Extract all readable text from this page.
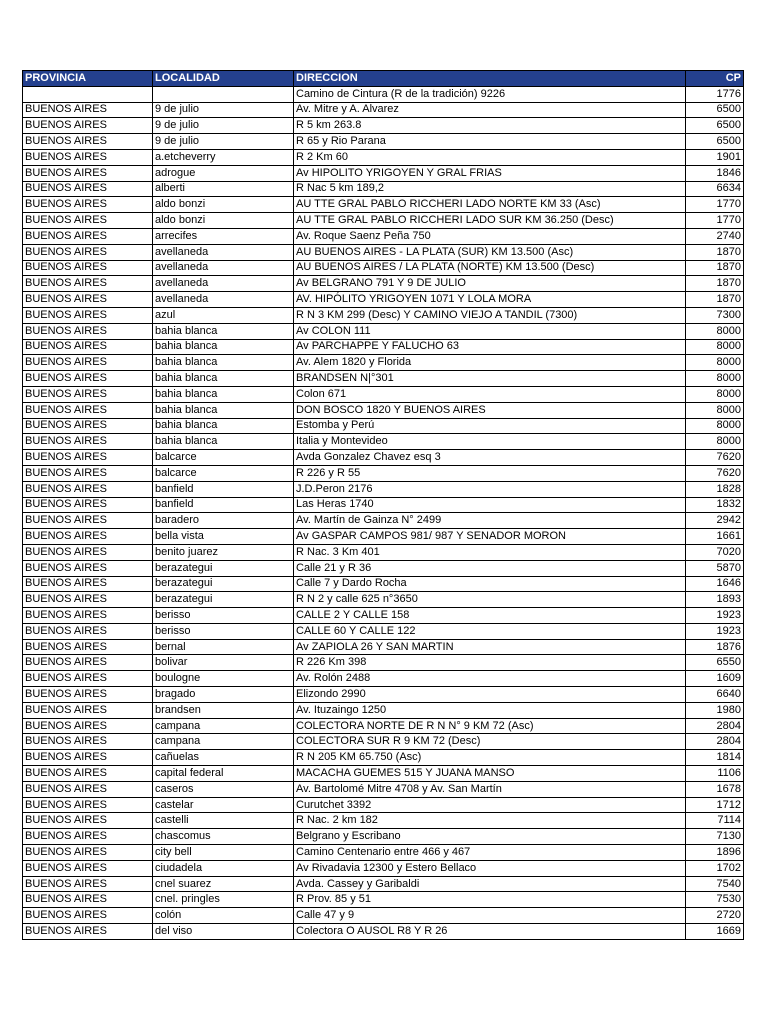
PROVINCIA	LOCALIDAD	DIRECCION	CP
		Camino de Cintura (R de la tradición) 9226	1776
BUENOS AIRES	9 de julio	Av. Mitre y A. Alvarez	6500
BUENOS AIRES	9 de julio	R 5 km 263.8	6500
BUENOS AIRES	9 de julio	R 65 y Rio Parana	6500
BUENOS AIRES	a.etcheverry	R 2 Km 60	1901
BUENOS AIRES	adrogue	Av HIPOLITO YRIGOYEN Y GRAL FRIAS	1846
BUENOS AIRES	alberti	R Nac 5 km 189,2	6634
BUENOS AIRES	aldo bonzi	AU TTE GRAL PABLO RICCHERI LADO NORTE KM 33 (Asc)	1770
BUENOS AIRES	aldo bonzi	AU TTE GRAL PABLO RICCHERI LADO SUR KM 36.250 (Desc)	1770
BUENOS AIRES	arrecifes	Av. Roque Saenz Peña 750	2740
BUENOS AIRES	avellaneda	AU BUENOS AIRES - LA PLATA (SUR) KM 13.500 (Asc)	1870
BUENOS AIRES	avellaneda	AU BUENOS AIRES / LA PLATA (NORTE) KM 13.500 (Desc)	1870
BUENOS AIRES	avellaneda	Av BELGRANO 791 Y 9 DE JULIO	1870
BUENOS AIRES	avellaneda	AV. HIPÓLITO YRIGOYEN 1071 Y LOLA MORA	1870
BUENOS AIRES	azul	R N 3 KM 299 (Desc) Y CAMINO VIEJO A TANDIL (7300)	7300
BUENOS AIRES	bahia blanca	Av COLON 111	8000
BUENOS AIRES	bahia blanca	Av PARCHAPPE Y FALUCHO 63	8000
BUENOS AIRES	bahia blanca	Av. Alem 1820 y Florida	8000
BUENOS AIRES	bahia blanca	BRANDSEN N|°301	8000
BUENOS AIRES	bahia blanca	Colon 671	8000
BUENOS AIRES	bahia blanca	DON BOSCO 1820 Y BUENOS AIRES	8000
BUENOS AIRES	bahia blanca	Estomba y Perú	8000
BUENOS AIRES	bahia blanca	Italia y Montevideo	8000
BUENOS AIRES	balcarce	Avda Gonzalez Chavez esq 3	7620
BUENOS AIRES	balcarce	R 226 y R 55	7620
BUENOS AIRES	banfield	J.D.Peron 2176	1828
BUENOS AIRES	banfield	Las Heras 1740	1832
BUENOS AIRES	baradero	Av. Martín de Gainza N° 2499	2942
BUENOS AIRES	bella vista	Av GASPAR CAMPOS 981/ 987 Y SENADOR MORON	1661
BUENOS AIRES	benito juarez	R Nac. 3 Km 401	7020
BUENOS AIRES	berazategui	Calle 21 y R 36	5870
BUENOS AIRES	berazategui	Calle 7 y Dardo Rocha	1646
BUENOS AIRES	berazategui	R N 2 y calle 625 n°3650	1893
BUENOS AIRES	berisso	CALLE 2 Y CALLE 158	1923
BUENOS AIRES	berisso	CALLE 60 Y CALLE 122	1923
BUENOS AIRES	bernal	Av ZAPIOLA 26 Y SAN MARTIN	1876
BUENOS AIRES	bolivar	R 226 Km 398	6550
BUENOS AIRES	boulogne	Av. Rolón 2488	1609
BUENOS AIRES	bragado	Elizondo 2990	6640
BUENOS AIRES	brandsen	Av. Ituzaingo 1250	1980
BUENOS AIRES	campana	COLECTORA NORTE DE R N N° 9 KM 72 (Asc)	2804
BUENOS AIRES	campana	COLECTORA SUR R 9 KM 72 (Desc)	2804
BUENOS AIRES	cañuelas	R N 205 KM 65.750 (Asc)	1814
BUENOS AIRES	capital federal	MACACHA GUEMES 515 Y JUANA MANSO	1106
BUENOS AIRES	caseros	Av. Bartolomé Mitre 4708 y Av. San Martín	1678
BUENOS AIRES	castelar	Curutchet 3392	1712
BUENOS AIRES	castelli	R Nac. 2 km 182	7114
BUENOS AIRES	chascomus	Belgrano y Escribano	7130
BUENOS AIRES	city bell	Camino Centenario entre 466 y 467	1896
BUENOS AIRES	ciudadela	Av Rivadavia 12300 y Estero Bellaco	1702
BUENOS AIRES	cnel suarez	Avda. Cassey y Garibaldi	7540
BUENOS AIRES	cnel. pringles	R Prov. 85 y 51	7530
BUENOS AIRES	colón	Calle 47 y 9	2720
BUENOS AIRES	del viso	Colectora O AUSOL R8 Y R 26	1669
